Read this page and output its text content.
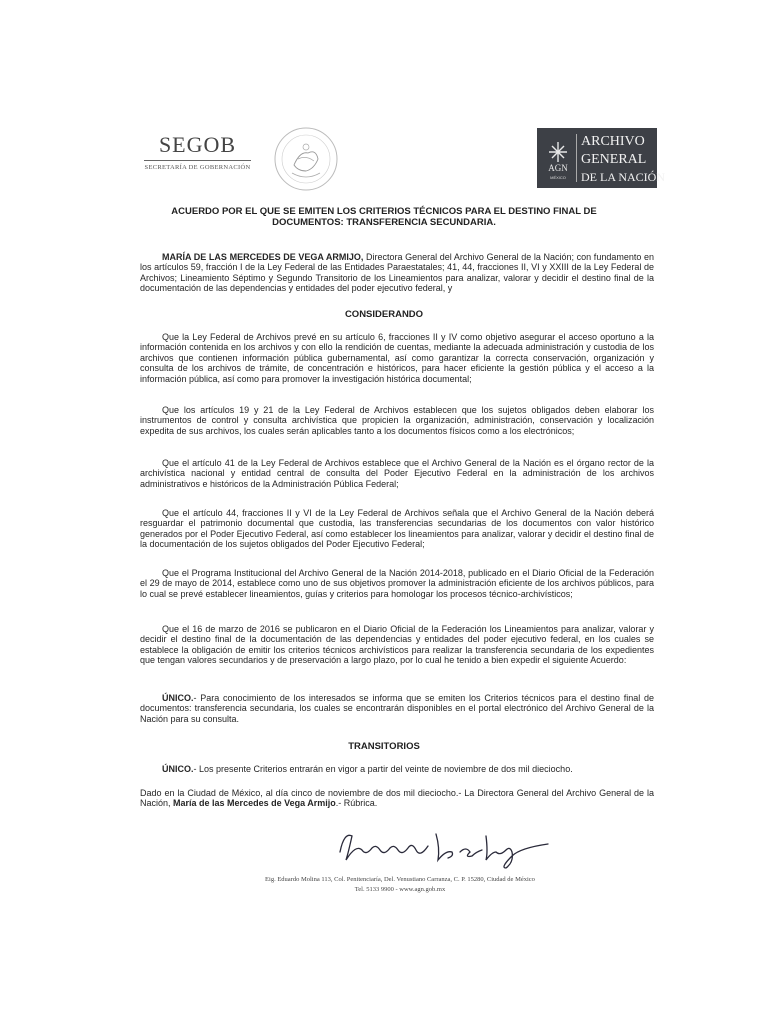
SEGOB
SECRETARÍA DE GOBERNACIÓN	AGN
MÉXICO
ARCHIVO
GENERAL
DE LA NACIÓN
ACUERDO POR EL QUE SE EMITEN LOS CRITERIOS TÉCNICOS PARA EL DESTINO FINAL DE
DOCUMENTOS: TRANSFERENCIA SECUNDARIA.

MARÍA DE LAS MERCEDES DE VEGA ARMIJO, Directora General del Archivo General de la Nación; con fundamento en los artículos 59, fracción I de la Ley Federal de las Entidades Paraestatales; 41, 44, fracciones II, VI y XXIII de la Ley Federal de Archivos; Lineamiento Séptimo y Segundo Transitorio de los Lineamientos para analizar, valorar y decidir el destino final de la documentación de las dependencias y entidades del poder ejecutivo federal, y

CONSIDERANDO

Que la Ley Federal de Archivos prevé en su artículo 6, fracciones II y IV como objetivo asegurar el acceso oportuno a la información contenida en los archivos y con ello la rendición de cuentas, mediante la adecuada administración y custodia de los archivos que contienen información pública gubernamental, así como garantizar la correcta conservación, organización y consulta de los archivos de trámite, de concentración e históricos, para hacer eficiente la gestión pública y el acceso a la información pública, así como para promover la investigación histórica documental;

Que los artículos 19 y 21 de la Ley Federal de Archivos establecen que los sujetos obligados deben elaborar los instrumentos de control y consulta archivística que propicien la organización, administración, conservación y localización expedita de sus archivos, los cuales serán aplicables tanto a los documentos físicos como a los electrónicos;

Que el artículo 41 de la Ley Federal de Archivos establece que el Archivo General de la Nación es el órgano rector de la archivística nacional y entidad central de consulta del Poder Ejecutivo Federal en la administración de los archivos administrativos e históricos de la Administración Pública Federal;

Que el artículo 44, fracciones II y VI de la Ley Federal de Archivos señala que el Archivo General de la Nación deberá resguardar el patrimonio documental que custodia, las transferencias secundarias de los documentos con valor histórico generados por el Poder Ejecutivo Federal, así como establecer los lineamientos para analizar, valorar y decidir el destino final de la documentación de los sujetos obligados del Poder Ejecutivo Federal;

Que el Programa Institucional del Archivo General de la Nación 2014-2018, publicado en el Diario Oficial de la Federación el 29 de mayo de 2014, establece como uno de sus objetivos promover la administración eficiente de los archivos públicos, para lo cual se prevé establecer lineamientos, guías y criterios para homologar los procesos técnico-archivísticos;

Que el 16 de marzo de 2016 se publicaron en el Diario Oficial de la Federación los Lineamientos para analizar, valorar y decidir el destino final de la documentación de las dependencias y entidades del poder ejecutivo federal, en los cuales se establece la obligación de emitir los criterios técnicos archivísticos para realizar la transferencia secundaria de los expedientes que tengan valores secundarios y de preservación a largo plazo, por lo cual he tenido a bien expedir el siguiente Acuerdo:

ÚNICO.- Para conocimiento de los interesados se informa que se emiten los Criterios técnicos para el destino final de documentos: transferencia secundaria, los cuales se encontrarán disponibles en el portal electrónico del Archivo General de la Nación para su consulta.

TRANSITORIOS

ÚNICO.- Los presente Criterios entrarán en vigor a partir del veinte de noviembre de dos mil dieciocho.

Dado en la Ciudad de México, al día cinco de noviembre de dos mil dieciocho.- La Directora General del Archivo General de la Nación, María de las Mercedes de Vega Armijo.- Rúbrica.

Eig. Eduardo Molina 113, Col. Penitenciaría, Del. Venustiano Carranza, C. P. 15280, Ciudad de México
Tel. 5133 9900 - www.agn.gob.mx
